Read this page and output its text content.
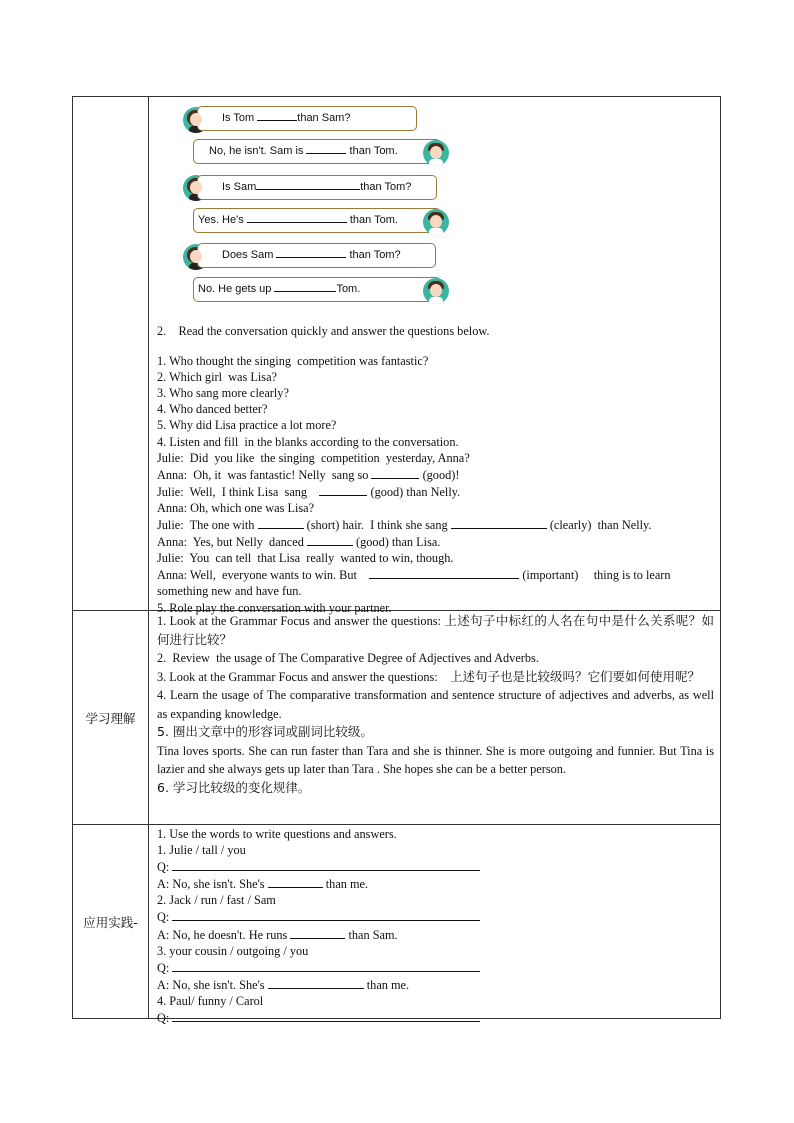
Is Tom	than Sam?
No, he isn't. Sam is	than Tom.
Is Sam	than Tom?
Yes. He's	than Tom.
Does Sam	than Tom?
No. He gets up	Tom.

2.    Read the conversation quickly and answer the questions below.

1. Who thought the singing  competition was fantastic?

2. Which girl  was Lisa?

3. Who sang more clearly?

4. Who danced better?

5. Why did Lisa practice a lot more?

4. Listen and fill  in the blanks according to the conversation.

Julie:  Did  you like  the singing  competition  yesterday, Anna?

Anna:  Oh, it  was fantastic! Nelly  sang so	(good)!

Julie:  Well,  I think Lisa  sang	(good) than Nelly.

Anna: Oh, which one was Lisa?

Julie:  The one with	(short) hair.  I think she sang	(clearly)  than Nelly.

Anna:  Yes, but Nelly  danced	(good) than Lisa.

Julie:  You  can tell  that Lisa  really  wanted to win, though.

Anna: Well,  everyone wants to win. But	(important)     thing is to learn

something new and have fun.

5. Role play the conversation with your partner.

学习理解

1. Look at the Grammar Focus and answer the questions: 上述句子中标红的人名在句中是什么关系呢？如何进行比较？

2.  Review  the usage of The Comparative Degree of Adjectives and Adverbs.

3. Look at the Grammar Focus and answer the questions: 上述句子也是比较级吗？它们要如何使用呢？

4. Learn the usage of The comparative transformation and sentence structure of adjectives and adverbs, as well as expanding knowledge.

5. 圈出文章中的形容词或副词比较级。

Tina loves sports. She can run faster than Tara and she is thinner. She is more outgoing and funnier. But Tina is lazier and she always gets up later than Tara . She hopes she can be a better person.

6. 学习比较级的变化规律。

应用实践-

1. Use the words to write questions and answers.

1. Julie / tall / you

Q:

A: No, she isn't. She's	than me.

2. Jack / run / fast / Sam

Q:

A: No, he doesn't. He runs	than Sam.

3. your cousin / outgoing / you

Q:

A: No, she isn't. She's	than me.

4. Paul/ funny / Carol

Q:
